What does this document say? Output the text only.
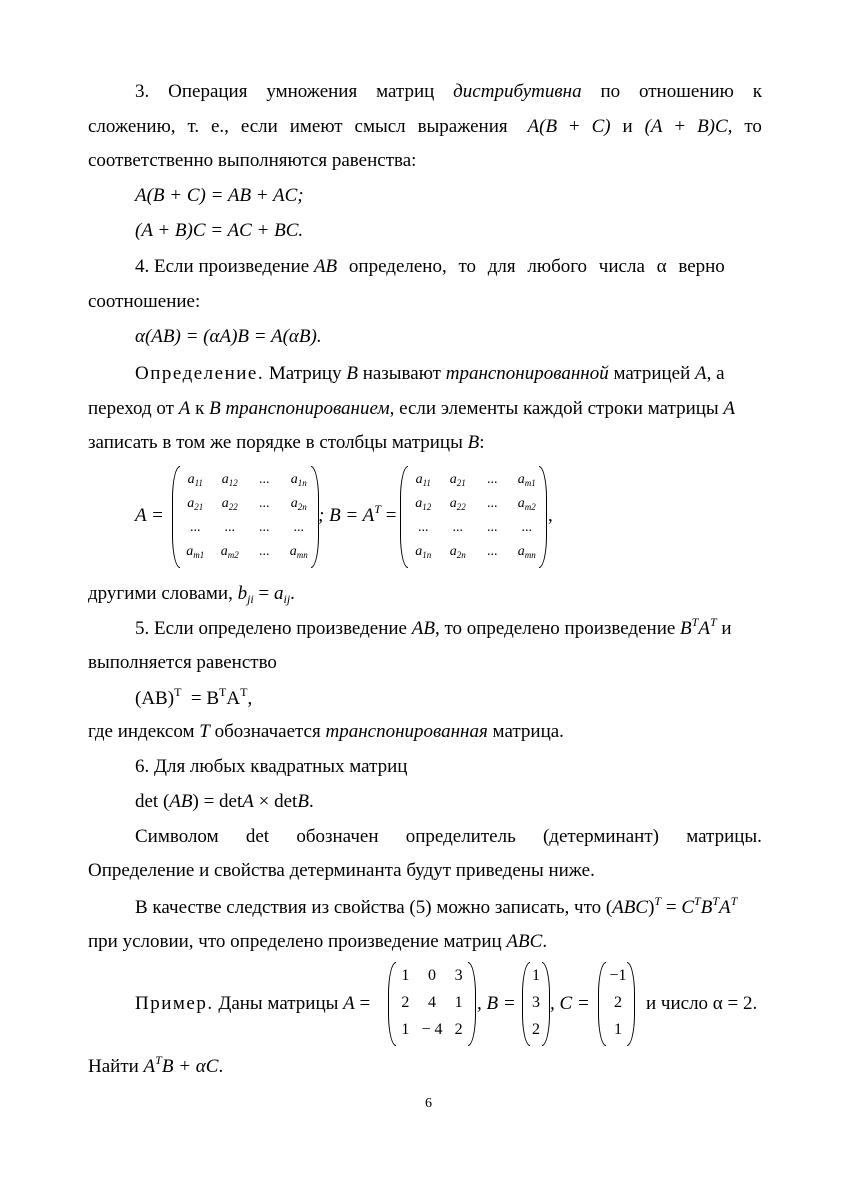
3. Операция умножения матриц дистрибутивна по отношению к
сложению, т. е., если имеют смысл выражения A(B + C) и (A + B)C, то
соответственно выполняются равенства:
A(B + C) = AB + AC;
(A + B)C = AC + BC.
4. Если произведение AB определено, то для любого числа α верно
соотношение:
α(AB) = (αA)B = A(αB).
Определение. Матрицу B называют транспонированной матрицей A, а
переход от A к B транспонированием, если элементы каждой строки матрицы A
записать в том же порядке в столбцы матрицы B:
A =
$a_{11}$ $a_{12}$ ... $a_{1n}$
$a_{21}$ $a_{22}$ ... $a_{2n}$
... ... ... ...
$a_{m1}$ $a_{m2}$ ... $a_{mn}$
; $B = A^T$ =
$a_{11}$ $a_{21}$ ... $a_{m1}$
$a_{12}$ $a_{22}$ ... $a_{m2}$
... ... ... ...
$a_{1n}$ $a_{2n}$ ... $a_{mn}$
,
другими словами, $b_{ji} = a_{ij}$.
5. Если определено произведение AB, то определено произведение $B^TA^T$ и
выполняется равенство
$(AB)^T = B^TA^T$,
где индексом T обозначается транспонированная матрица.
6. Для любых квадратных матриц
det (AB) = detA × detB.
Символом det обозначен определитель (детерминант) матрицы.
Определение и свойства детерминанта будут приведены ниже.
В качестве следствия из свойства (5) можно записать, что $(ABC)^T = C^TB^TA^T$
при условии, что определено произведение матриц ABC.
Пример. Даны матрицы A =
1 0 3
2 4 1
1 − 4 2
, B =
1
3
2
, C =
−1
2
1
и число α = 2.
Найти $A^TB + \alpha C$.
6
